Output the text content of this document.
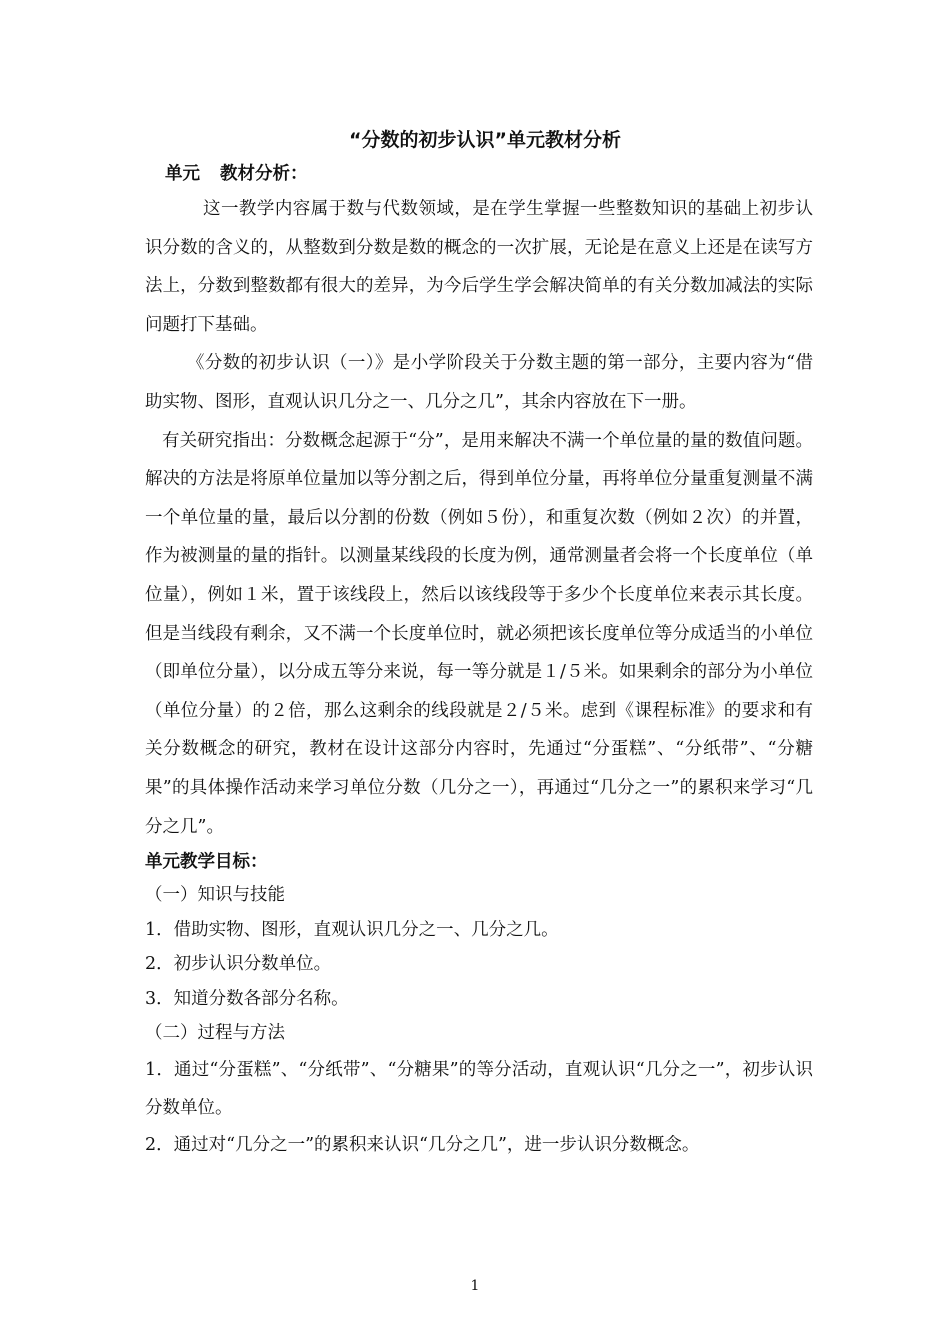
“分数的初步认识”单元教材分析
单元 教材分析：

这一教学内容属于数与代数领域，是在学生掌握一些整数知识的基础上初步认识分数的含义的，从整数到分数是数的概念的一次扩展，无论是在意义上还是在读写方法上，分数到整数都有很大的差异，为今后学生学会解决简单的有关分数加减法的实际问题打下基础。

《分数的初步认识（一）》是小学阶段关于分数主题的第一部分，主要内容为“借助实物、图形，直观认识几分之一、几分之几”，其余内容放在下一册。

有关研究指出：分数概念起源于“分”，是用来解决不满一个单位量的量的数值问题。解决的方法是将原单位量加以等分割之后，得到单位分量，再将单位分量重复测量不满一个单位量的量，最后以分割的份数（例如５份），和重复次数（例如２次）的并置，作为被测量的量的指针。以测量某线段的长度为例，通常测量者会将一个长度单位（单位量），例如１米，置于该线段上，然后以该线段等于多少个长度单位来表示其长度。但是当线段有剩余，又不满一个长度单位时，就必须把该长度单位等分成适当的小单位（即单位分量），以分成五等分来说，每一等分就是１/５米。如果剩余的部分为小单位（单位分量）的２倍，那么这剩余的线段就是２/５米。虑到《课程标准》的要求和有关分数概念的研究，教材在设计这部分内容时，先通过“分蛋糕”、“分纸带”、“分糖果”的具体操作活动来学习单位分数（几分之一），再通过“几分之一”的累积来学习“几分之几”。

单元教学目标：

（一）知识与技能

1．借助实物、图形，直观认识几分之一、几分之几。

2．初步认识分数单位。

3．知道分数各部分名称。

（二）过程与方法

1．通过“分蛋糕”、“分纸带”、“分糖果”的等分活动，直观认识“几分之一”，初步认识分数单位。

2．通过对“几分之一”的累积来认识“几分之几”，进一步认识分数概念。

1
